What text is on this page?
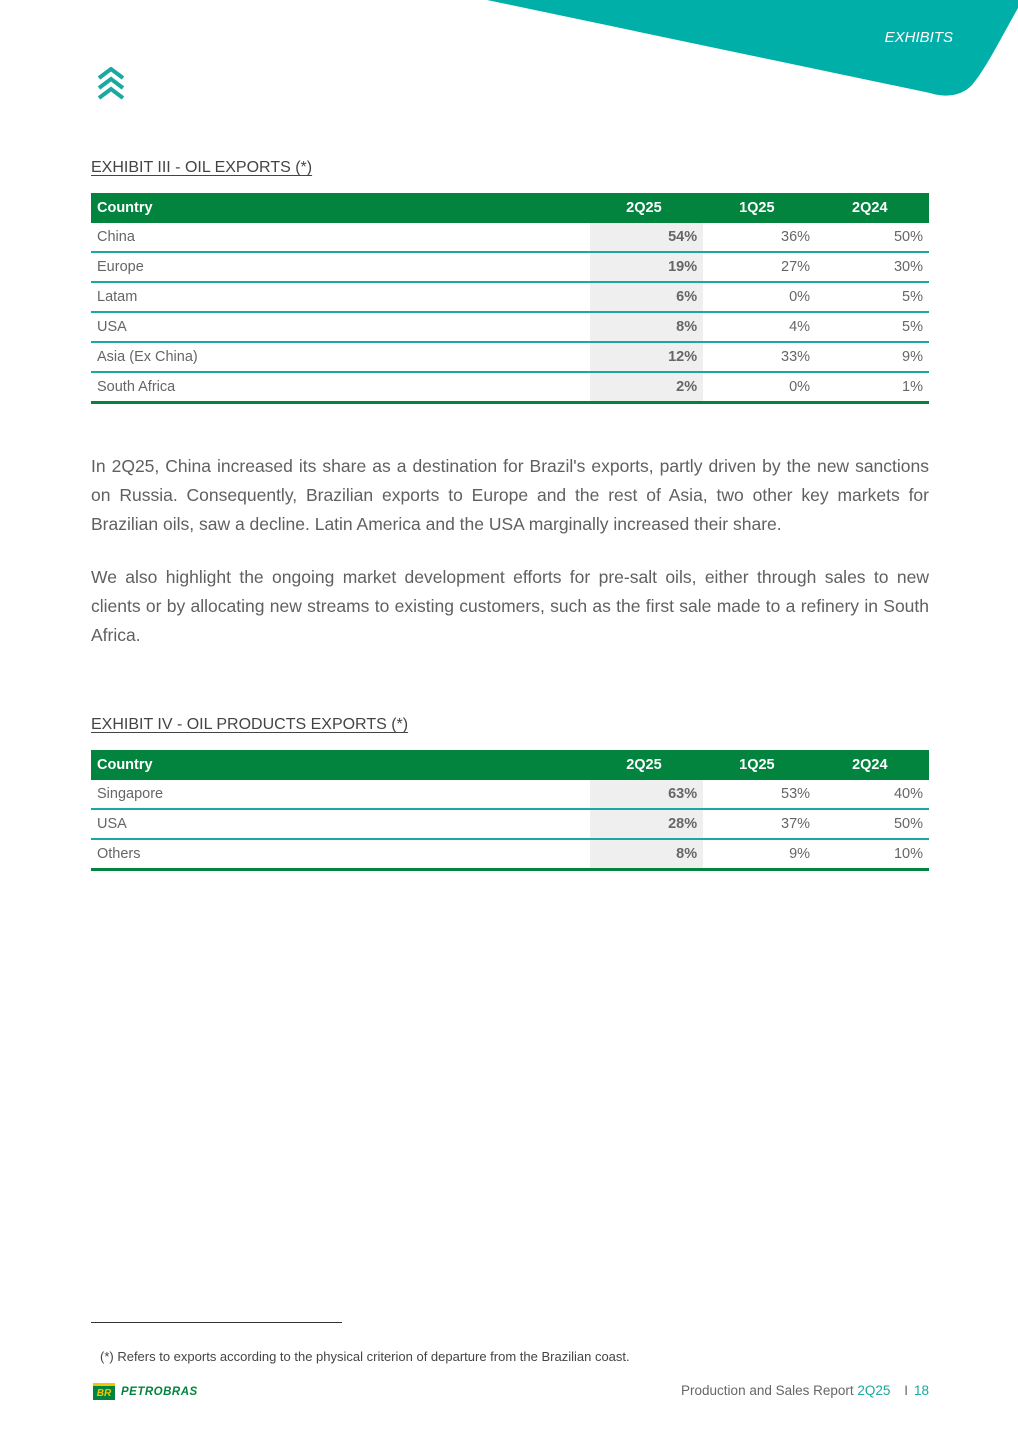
EXHIBITS
EXHIBIT III - OIL EXPORTS (*)
Country	2Q25	1Q25	2Q24
China	54%	36%	50%
Europe	19%	27%	30%
Latam	6%	0%	5%
USA	8%	4%	5%
Asia (Ex China)	12%	33%	9%
South Africa	2%	0%	1%

In 2Q25, China increased its share as a destination for Brazil's exports, partly driven by the new sanctions on Russia. Consequently, Brazilian exports to Europe and the rest of Asia, two other key markets for Brazilian oils, saw a decline. Latin America and the USA marginally increased their share.

We also highlight the ongoing market development efforts for pre-salt oils, either through sales to new clients or by allocating new streams to existing customers, such as the first sale made to a refinery in South Africa.

EXHIBIT IV - OIL PRODUCTS EXPORTS (*)
Country	2Q25	1Q25	2Q24
Singapore	63%	53%	40%
USA	28%	37%	50%
Others	8%	9%	10%
(*) Refers to exports according to the physical criterion of departure from the Brazilian coast.
BR PETROBRAS	Production and Sales Report 2Q25 I 18
